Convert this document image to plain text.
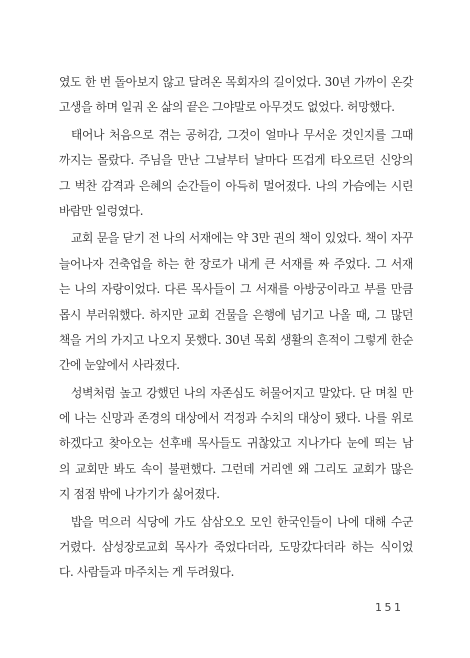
였도 한 번 돌아보지 않고 달려온 목회자의 길이었다. 30년 가까이 온갖
고생을 하며 일궈 온 삶의 끝은 그야말로 아무것도 없었다. 허망했다.
태어나 처음으로 겪는 공허감, 그것이 얼마나 무서운 것인지를 그때
까지는 몰랐다. 주님을 만난 그날부터 날마다 뜨겁게 타오르던 신앙의
그 벅찬 감격과 은혜의 순간들이 아득히 멀어졌다. 나의 가슴에는 시린
바람만 일렁였다.
교회 문을 닫기 전 나의 서재에는 약 3만 권의 책이 있었다. 책이 자꾸
늘어나자 건축업을 하는 한 장로가 내게 큰 서재를 짜 주었다. 그 서재
는 나의 자랑이었다. 다른 목사들이 그 서재를 아방궁이라고 부를 만큼
몹시 부러워했다. 하지만 교회 건물을 은행에 넘기고 나올 때, 그 많던
책을 거의 가지고 나오지 못했다. 30년 목회 생활의 흔적이 그렇게 한순
간에 눈앞에서 사라졌다.
성벽처럼 높고 강했던 나의 자존심도 허물어지고 말았다. 단 며칠 만
에 나는 신망과 존경의 대상에서 걱정과 수치의 대상이 됐다. 나를 위로
하겠다고 찾아오는 선후배 목사들도 귀찮았고 지나가다 눈에 띄는 남
의 교회만 봐도 속이 불편했다. 그런데 거리엔 왜 그리도 교회가 많은
지 점점 밖에 나가기가 싫어졌다.
밥을 먹으러 식당에 가도 삼삼오오 모인 한국인들이 나에 대해 수군
거렸다. 삼성장로교회 목사가 죽었다더라, 도망갔다더라 하는 식이었
다. 사람들과 마주치는 게 두려웠다.
151
